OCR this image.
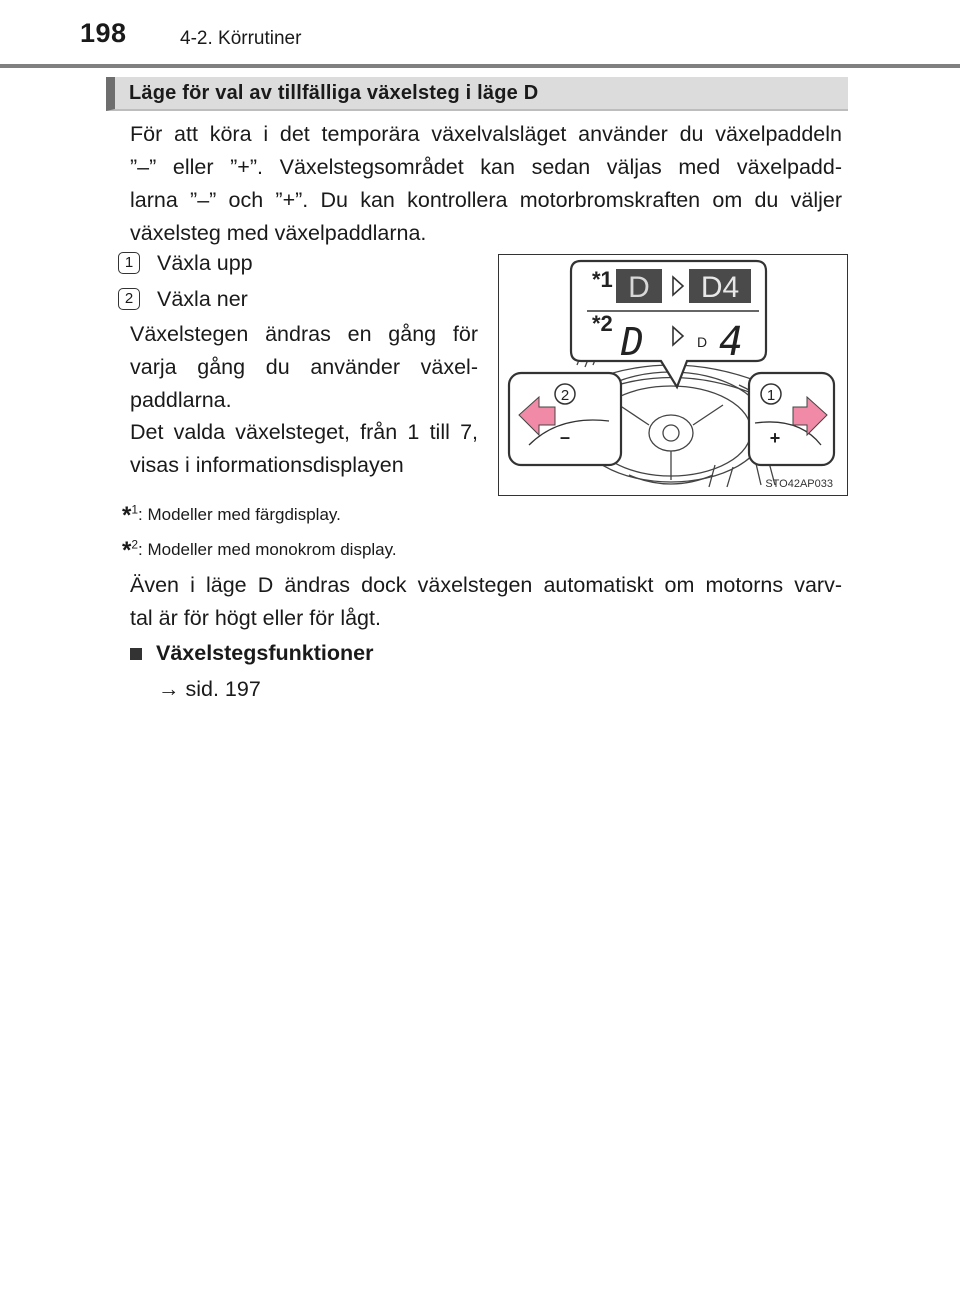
198	4-2. Körrutiner
Läge för val av tillfälliga växelsteg i läge D
För att köra i det temporära växelvalsläget använder du växelpaddeln
”–” eller ”+”. Växelstegsområdet kan sedan väljas med växelpadd-
larna ”–” och ”+”. Du kan kontrollera motorbromskraften om du väljer
växelsteg med växelpaddlarna.
1	Växla upp
2	Växla ner
Växelstegen ändras en gång för
varja gång du använder växel-
paddlarna.
Det valda växelsteget, från 1 till 7,
visas i informationsdisplayen
*1 D D4
*2 D	D 4
2
–
1
+
STO42AP033
*$^1$: Modeller med färgdisplay.
*$^2$: Modeller med monokrom display.
Även i läge D ändras dock växelstegen automatiskt om motorns varv-
tal är för högt eller för lågt.
Växelstegsfunktioner
→ sid. 197
